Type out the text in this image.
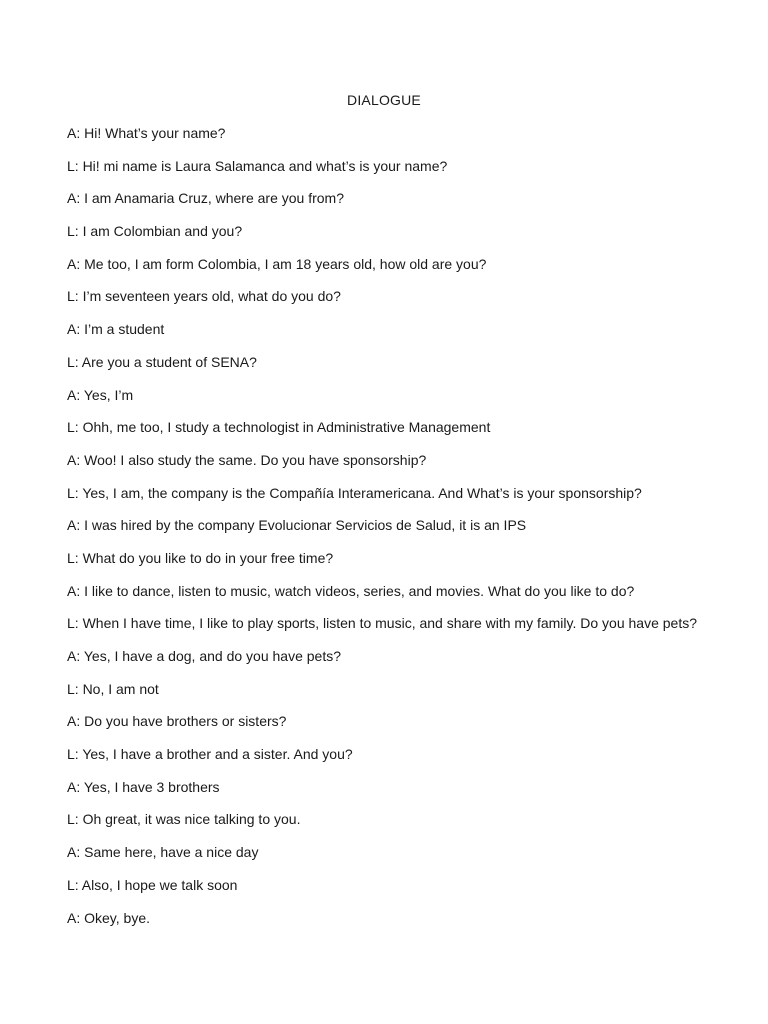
DIALOGUE
A: Hi! What’s your name?
L: Hi! mi name is Laura Salamanca and what’s is your name?
A: I am Anamaria Cruz, where are you from?
L: I am Colombian and you?
A: Me too, I am form Colombia, I am 18 years old, how old are you?
L: I’m seventeen years old, what do you do?
A: I’m a student
L: Are you a student of SENA?
A: Yes, I’m
L: Ohh, me too, I study a technologist in Administrative Management
A: Woo! I also study the same. Do you have sponsorship?
L: Yes, I am, the company is the Compañía Interamericana. And What’s is your sponsorship?
A: I was hired by the company Evolucionar Servicios de Salud, it is an IPS
L: What do you like to do in your free time?
A: I like to dance, listen to music, watch videos, series, and movies. What do you like to do?
L: When I have time, I like to play sports, listen to music, and share with my family. Do you have pets?
A: Yes, I have a dog, and do you have pets?
L: No, I am not
A: Do you have brothers or sisters?
L: Yes, I have a brother and a sister. And you?
A: Yes, I have 3 brothers
L: Oh great, it was nice talking to you.
A: Same here, have a nice day
L: Also, I hope we talk soon
A: Okey, bye.
